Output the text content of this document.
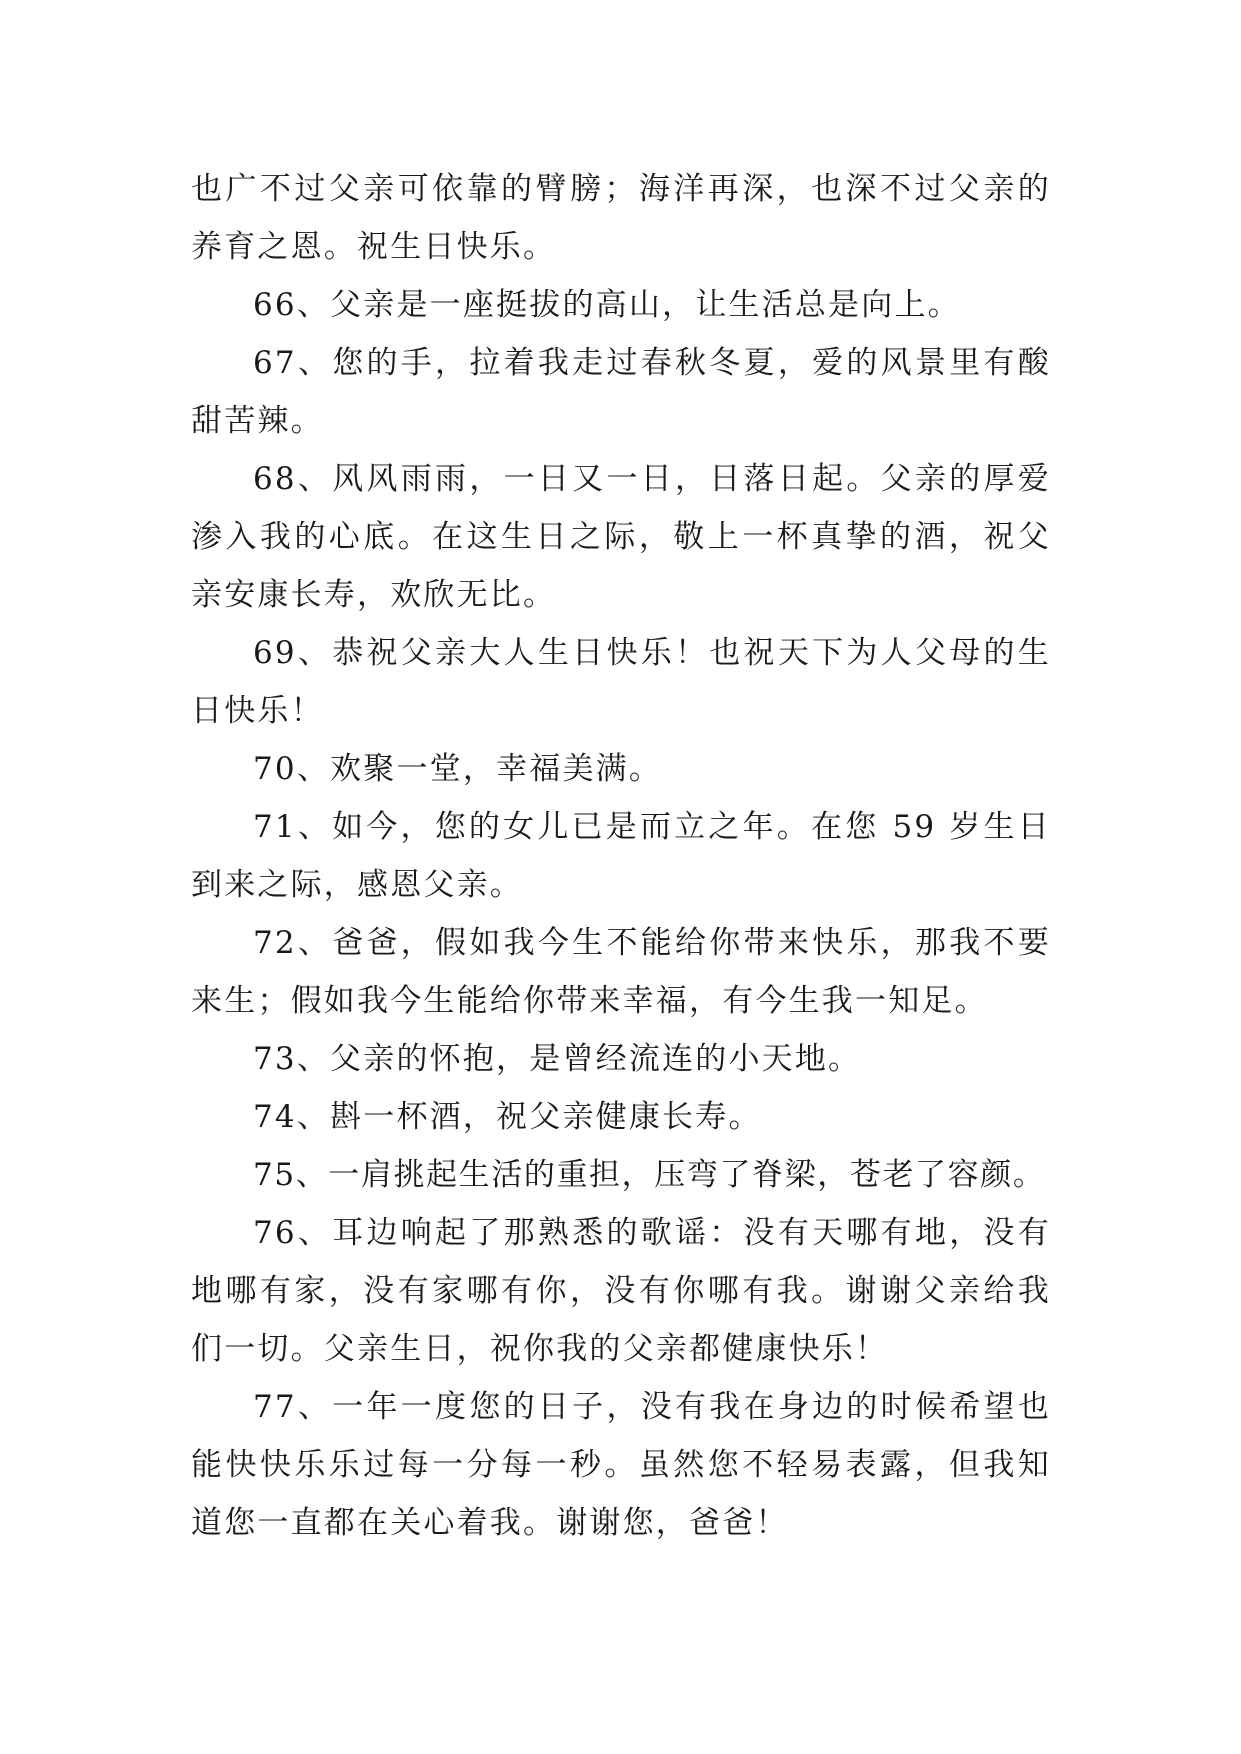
也广不过父亲可依靠的臂膀；海洋再深，也深不过父亲的养育之恩。祝生日快乐。

66、父亲是一座挺拔的高山，让生活总是向上。

67、您的手，拉着我走过春秋冬夏，爱的风景里有酸甜苦辣。

68、风风雨雨，一日又一日，日落日起。父亲的厚爱渗入我的心底。在这生日之际，敬上一杯真挚的酒，祝父亲安康长寿，欢欣无比。

69、恭祝父亲大人生日快乐！也祝天下为人父母的生日快乐！

70、欢聚一堂，幸福美满。

71、如今，您的女儿已是而立之年。在您 59 岁生日到来之际，感恩父亲。

72、爸爸，假如我今生不能给你带来快乐，那我不要来生；假如我今生能给你带来幸福，有今生我一知足。

73、父亲的怀抱，是曾经流连的小天地。

74、斟一杯酒，祝父亲健康长寿。

75、一肩挑起生活的重担，压弯了脊梁，苍老了容颜。

76、耳边响起了那熟悉的歌谣：没有天哪有地，没有地哪有家，没有家哪有你，没有你哪有我。谢谢父亲给我们一切。父亲生日，祝你我的父亲都健康快乐！

77、一年一度您的日子，没有我在身边的时候希望也能快快乐乐过每一分每一秒。虽然您不轻易表露，但我知道您一直都在关心着我。谢谢您，爸爸！
